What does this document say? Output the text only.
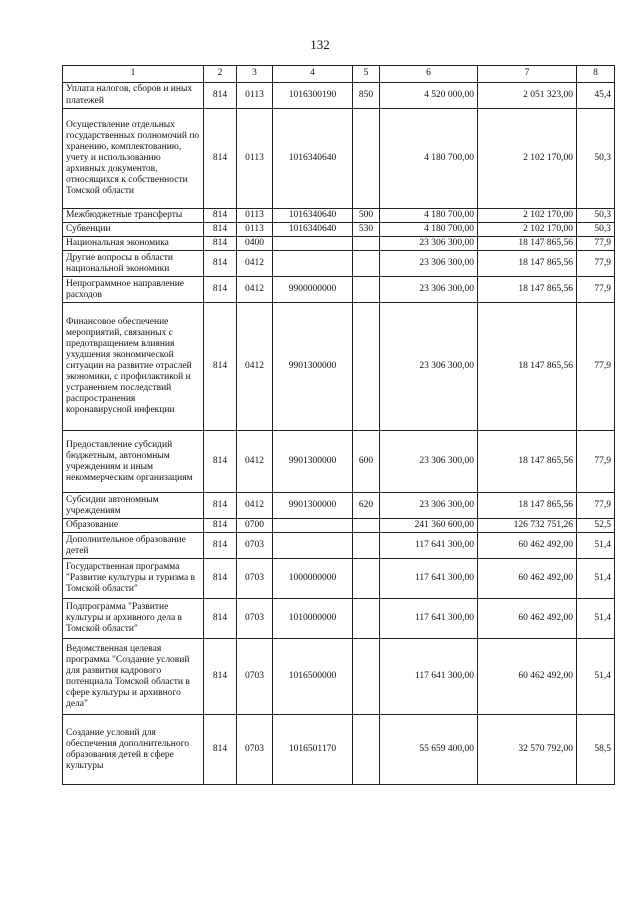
132
1	2	3	4	5	6	7	8
Уплата налогов, сборов и иных платежей	814	0113	1016300190	850	4 520 000,00	2 051 323,00	45,4
Осуществление отдельных государственных полномочий по хранению, комплектованию, учету и использованию архивных документов, относящихся к собственности Томской области	814	0113	1016340640		4 180 700,00	2 102 170,00	50,3
Межбюджетные трансферты	814	0113	1016340640	500	4 180 700,00	2 102 170,00	50,3
Субвенции	814	0113	1016340640	530	4 180 700,00	2 102 170,00	50,3
Национальная экономика	814	0400			23 306 300,00	18 147 865,56	77,9
Другие вопросы в области национальной экономики	814	0412			23 306 300,00	18 147 865,56	77,9
Непрограммное направление расходов	814	0412	9900000000		23 306 300,00	18 147 865,56	77,9
Финансовое обеспечение мероприятий, связанных с предотвращением влияния ухудшения экономической ситуации на развитие отраслей экономики, с профилактикой и устранением последствий распространения коронавирусной инфекции	814	0412	9901300000		23 306 300,00	18 147 865,56	77,9
Предоставление субсидий бюджетным, автономным учреждениям и иным некоммерческим организациям	814	0412	9901300000	600	23 306 300,00	18 147 865,56	77,9
Субсидии автономным учреждениям	814	0412	9901300000	620	23 306 300,00	18 147 865,56	77,9
Образование	814	0700			241 360 600,00	126 732 751,26	52,5
Дополнительное образование детей	814	0703			117 641 300,00	60 462 492,00	51,4
Государственная программа "Развитие культуры и туризма в Томской области"	814	0703	1000000000		117 641 300,00	60 462 492,00	51,4
Подпрограмма "Развитие культуры и архивного дела в Томской области"	814	0703	1010000000		117 641 300,00	60 462 492,00	51,4
Ведомственная целевая программа "Создание условий для развития кадрового потенциала Томской области в сфере культуры и архивного дела"	814	0703	1016500000		117 641 300,00	60 462 492,00	51,4
Создание условий для обеспечения дополнительного образования детей в сфере культуры	814	0703	1016501170		55 659 400,00	32 570 792,00	58,5
